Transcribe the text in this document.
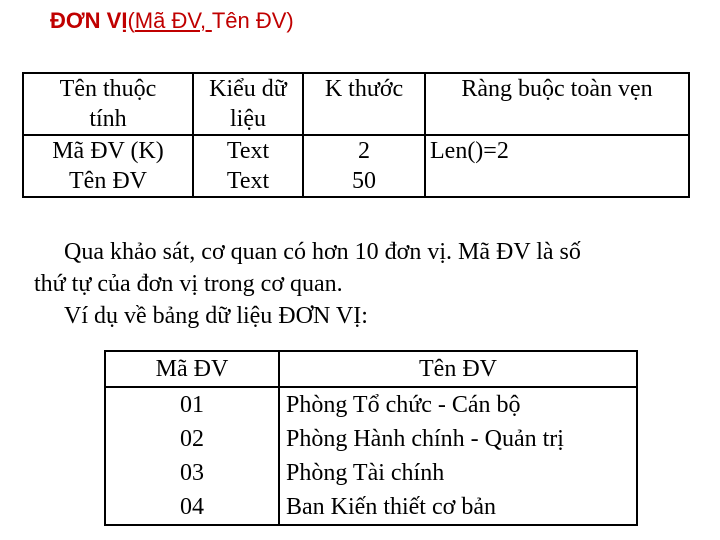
ĐƠN VỊ(Mã ĐV, Tên ĐV)
Tên thuộc	Kiểu dữ	K thước	Ràng buộc toàn vẹn
tính	liệu		
Mã ĐV (K)	Text	2	Len()=2
Tên ĐV	Text	50	
Qua khảo sát, cơ quan có hơn 10 đơn vị. Mã ĐV là số
thứ tự của đơn vị trong cơ quan.
Ví dụ về bảng dữ liệu ĐƠN VỊ:
Mã ĐV	Tên ĐV
01	Phòng Tổ chức - Cán bộ
02	Phòng Hành chính - Quản trị
03	Phòng Tài chính
04	Ban Kiến thiết cơ bản
